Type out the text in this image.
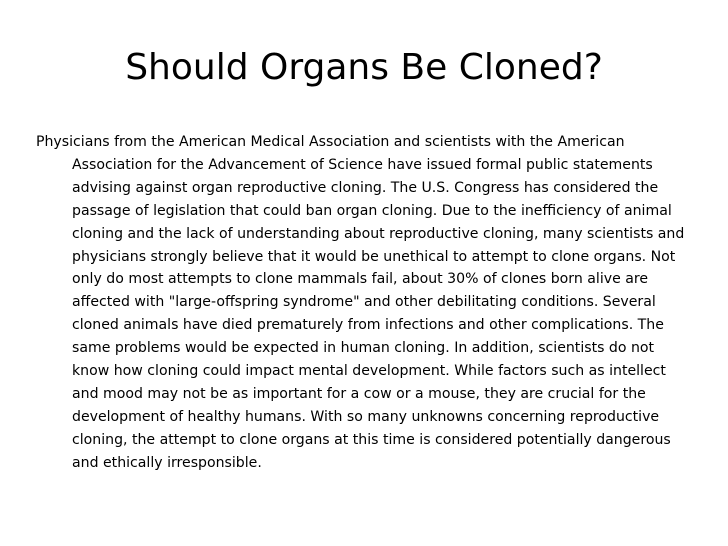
Should Organs Be Cloned?

Physicians from the American Medical Association and scientists with the American Association for the Advancement of Science have issued formal public statements advising against organ reproductive cloning. The U.S. Congress has considered the passage of legislation that could ban organ cloning. Due to the inefficiency of animal cloning and the lack of understanding about reproductive cloning, many scientists and physicians strongly believe that it would be unethical to attempt to clone organs. Not only do most attempts to clone mammals fail, about 30% of clones born alive are affected with "large-offspring syndrome" and other debilitating conditions. Several cloned animals have died prematurely from infections and other complications. The same problems would be expected in human cloning. In addition, scientists do not know how cloning could impact mental development. While factors such as intellect and mood may not be as important for a cow or a mouse, they are crucial for the development of healthy humans. With so many unknowns concerning reproductive cloning, the attempt to clone organs at this time is considered potentially dangerous and ethically irresponsible.
